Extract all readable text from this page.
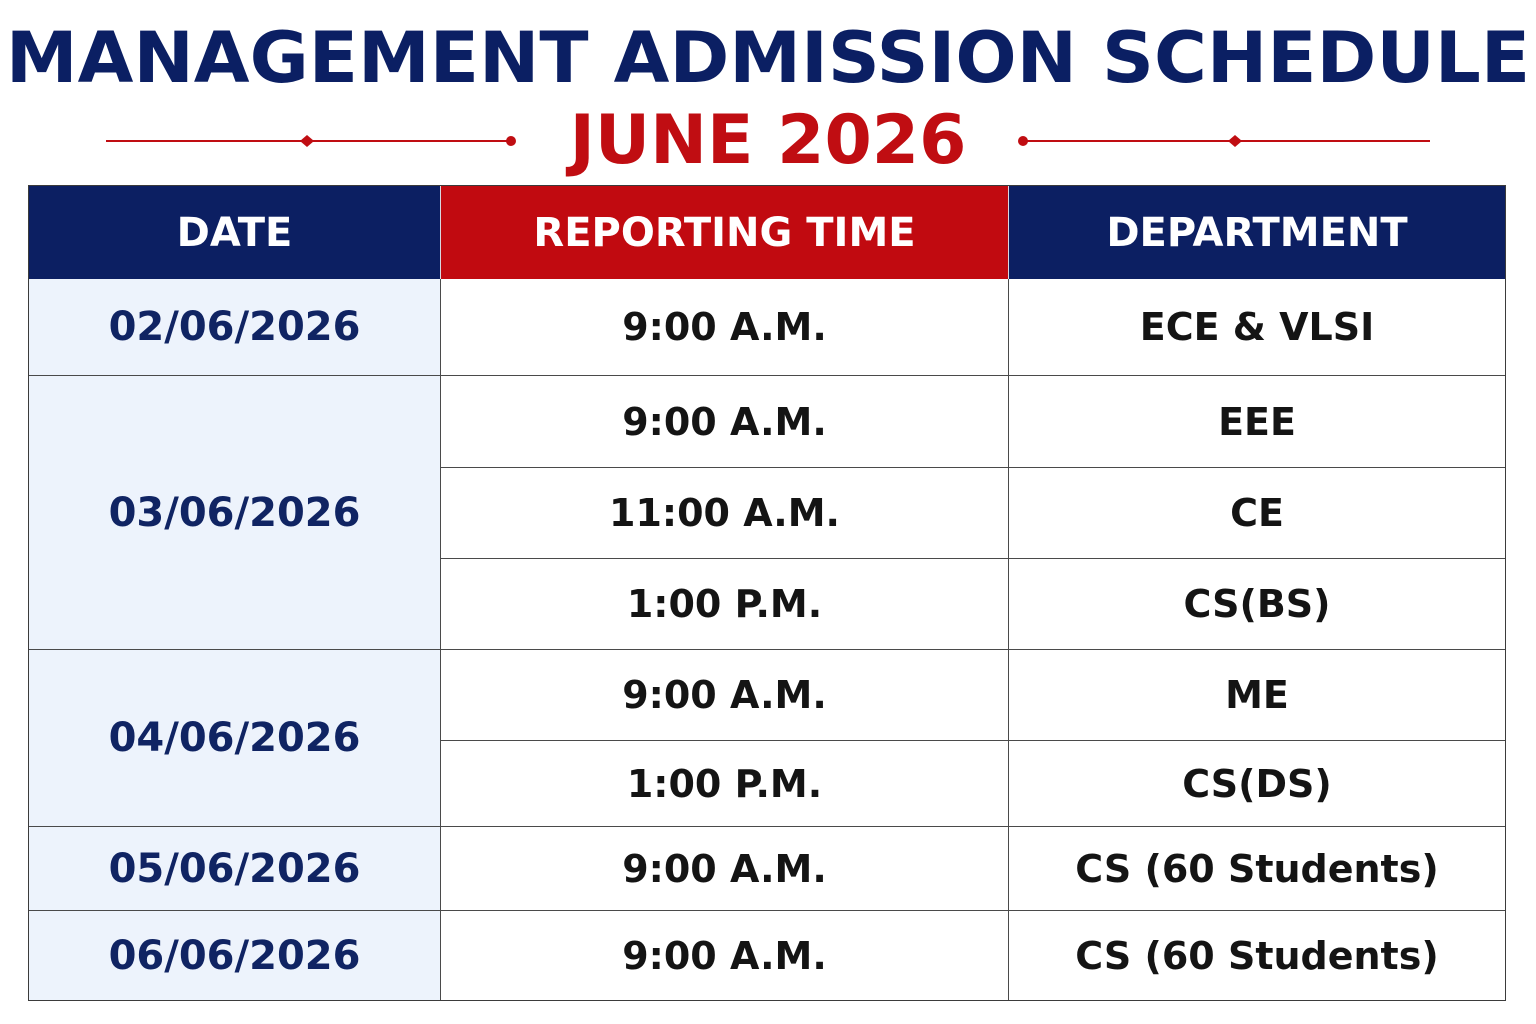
MANAGEMENT ADMISSION SCHEDULE
JUNE 2026
DATE	REPORTING TIME	DEPARTMENT
02/06/2026	9:00 A.M.	ECE & VLSI
03/06/2026
9:00 A.M.	EEE
11:00 A.M.	CE
1:00 P.M.	CS(BS)
04/06/2026
9:00 A.M.	ME
1:00 P.M.	CS(DS)
05/06/2026	9:00 A.M.	CS (60 Students)
06/06/2026	9:00 A.M.	CS (60 Students)
